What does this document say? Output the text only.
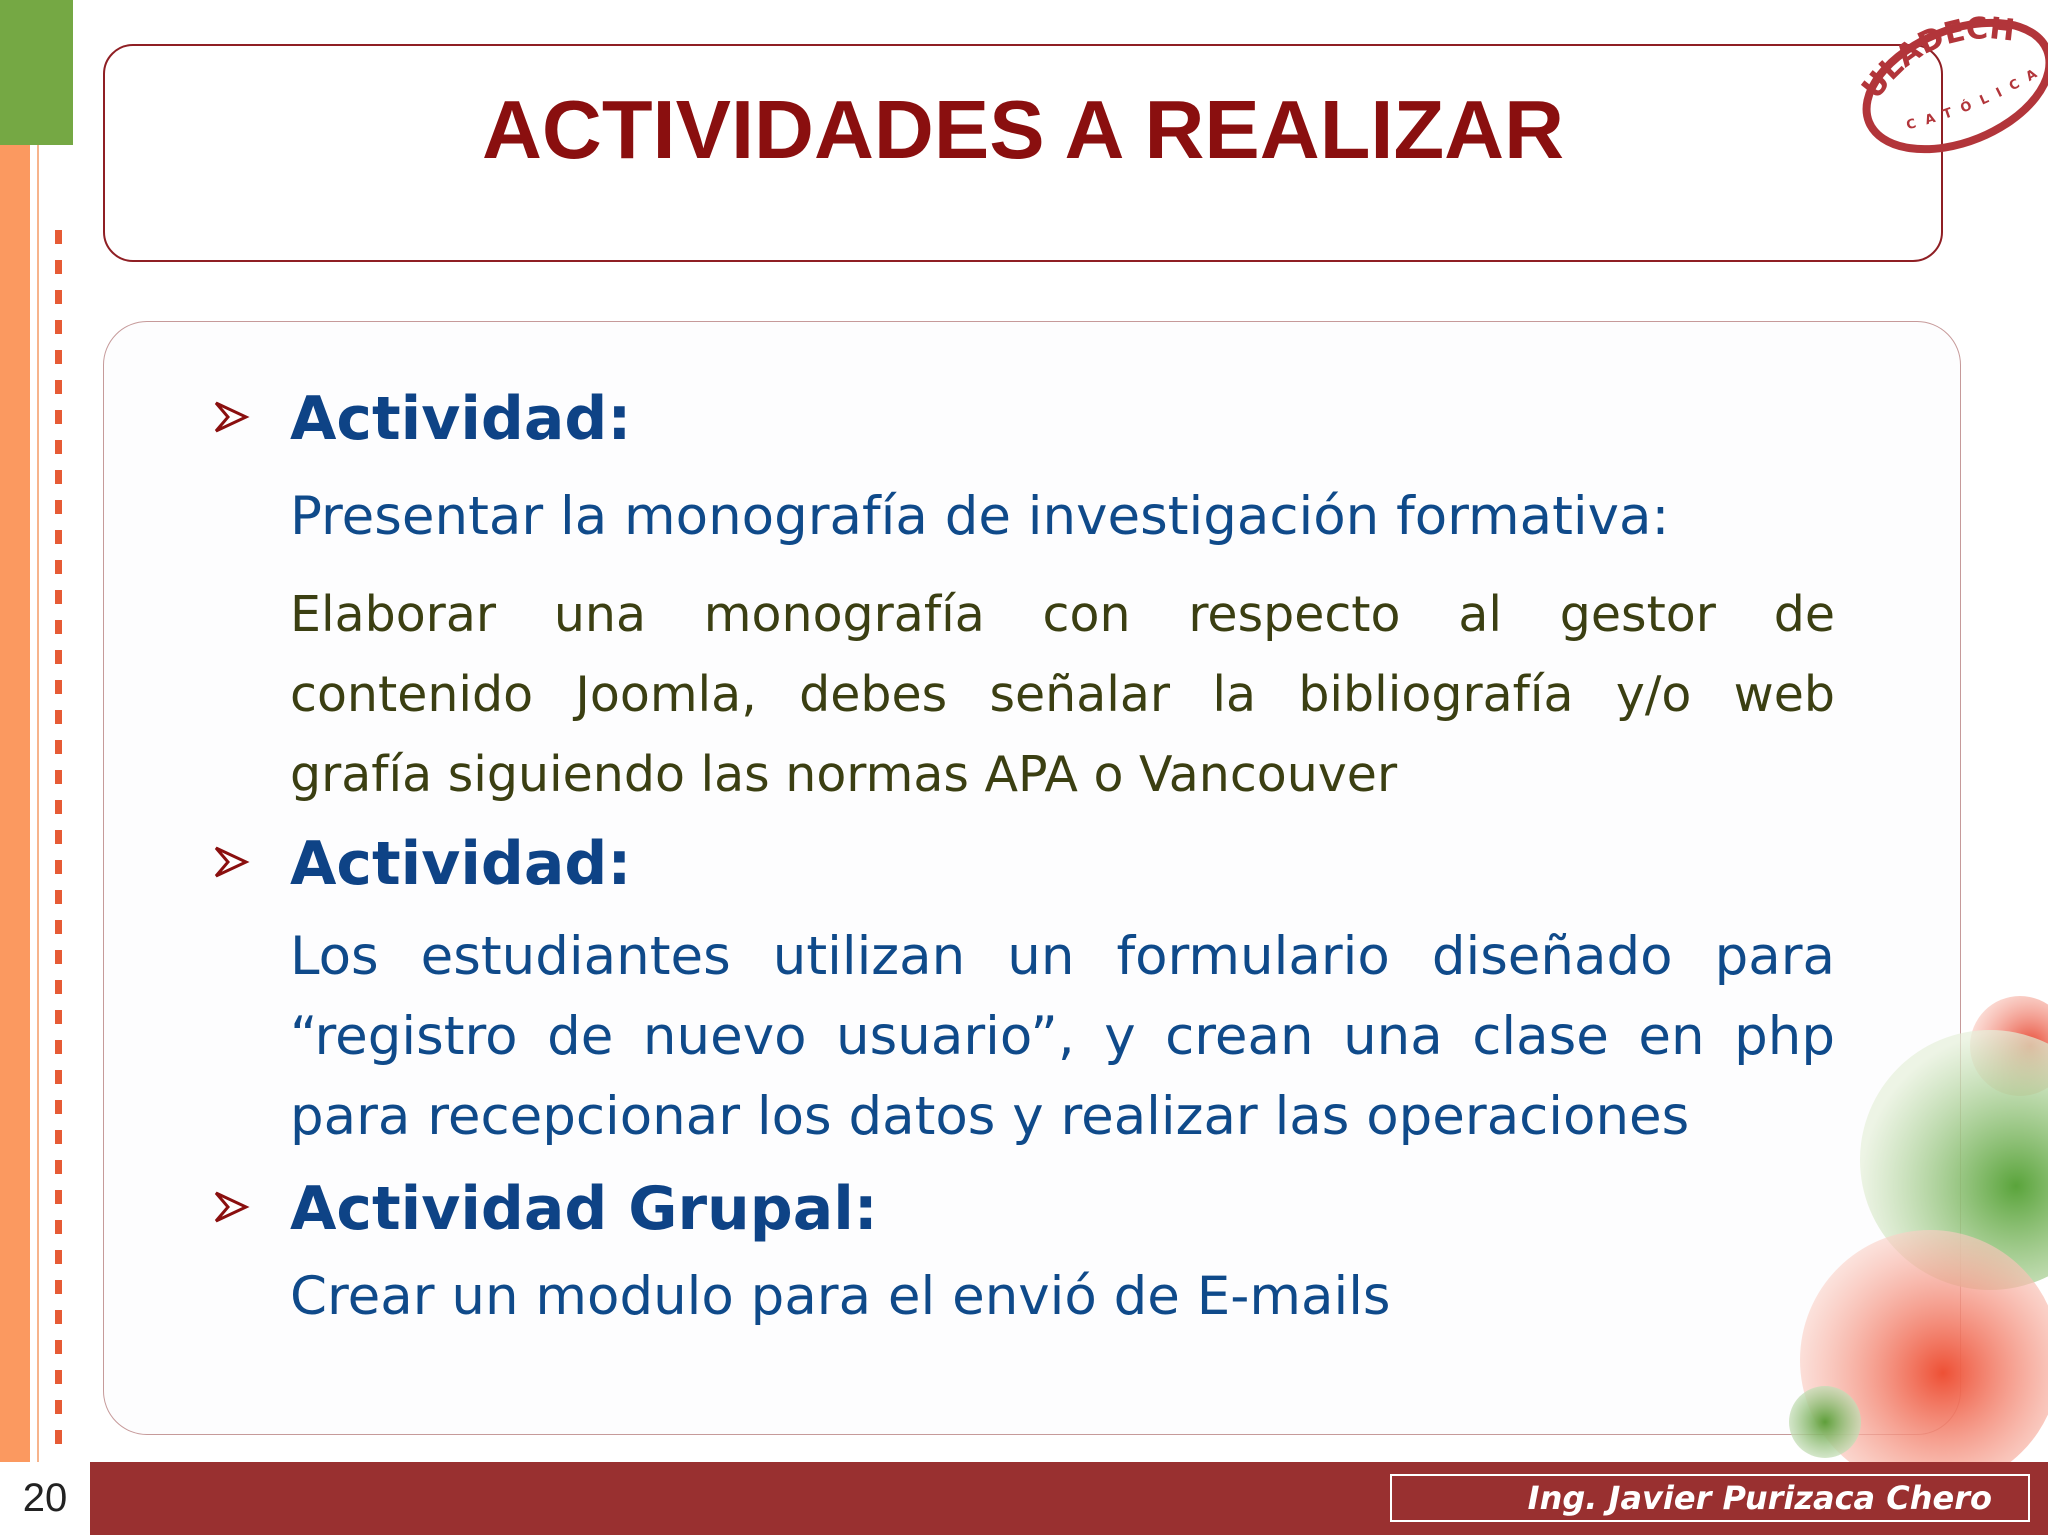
ACTIVIDADES A REALIZAR	ULADECH
CATÓLICA
Actividad:
Presentar la monografía de investigación formativa:
Elaborar una monografía con respecto al gestor de
contenido Joomla, debes señalar la bibliografía y/o web
grafía siguiendo las normas APA o Vancouver
Actividad:
Los estudiantes utilizan un formulario diseñado para
“registro de nuevo usuario”, y crean una clase en php
para recepcionar los datos y realizar las operaciones
Actividad Grupal:
Crear un modulo para el envió de E-mails
20	Ing. Javier Purizaca Chero
